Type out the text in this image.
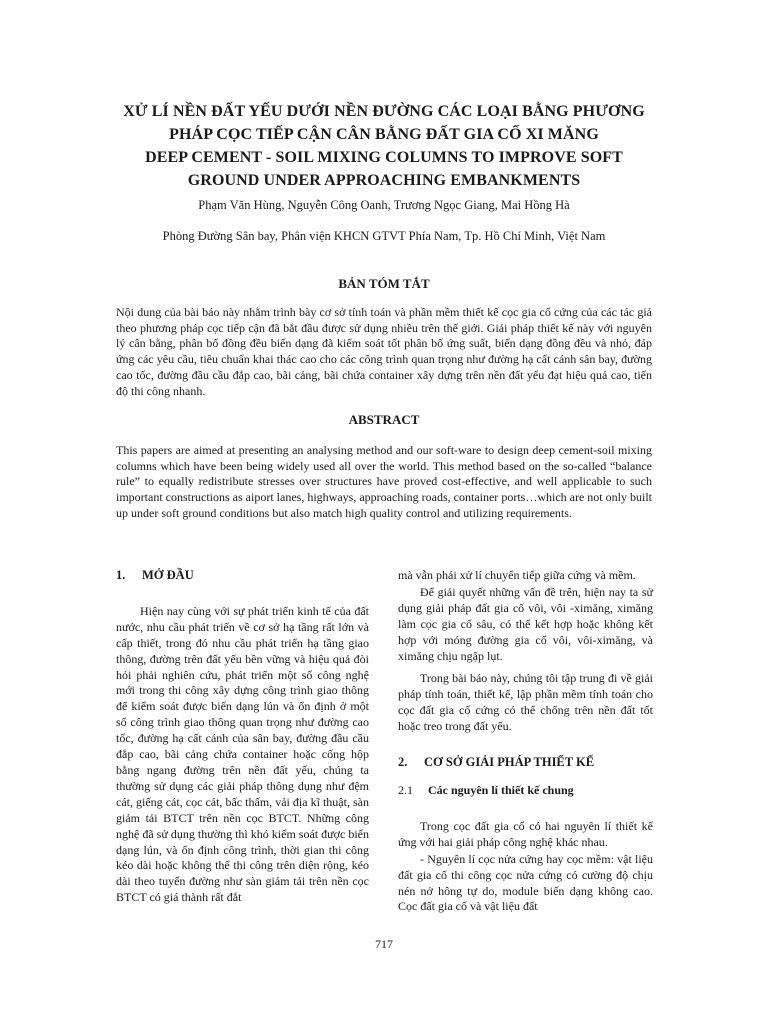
XỬ LÍ NỀN ĐẤT YẾU DƯỚI NỀN ĐƯỜNG CÁC LOẠI BẰNG PHƯƠNG
PHÁP CỌC TIẾP CẬN CÂN BẰNG ĐẤT GIA CỐ XI MĂNG
DEEP CEMENT - SOIL MIXING COLUMNS TO IMPROVE SOFT
GROUND UNDER APPROACHING EMBANKMENTS
Phạm Văn Hùng, Nguyễn Công Oanh, Trương Ngọc Giang, Mai Hồng Hà
Phòng Đường Sân bay, Phân viện KHCN GTVT Phía Nam, Tp. Hồ Chí Minh, Việt Nam
BẢN TÓM TẮT
Nội dung của bài báo này nhằm trình bày cơ sở tính toán và phần mềm thiết kế cọc gia cố cứng của các tác giả theo phương pháp cọc tiếp cận đã bắt đầu được sử dụng nhiều trên thế giới. Giải pháp thiết kế này với nguyên lý cân bằng, phân bố đồng đều biến dạng đã kiểm soát tốt phân bố ứng suất, biến dạng đồng đều và nhỏ, đáp ứng các yêu cầu, tiêu chuẩn khai thác cao cho các công trình quan trọng như đường hạ cất cánh sân bay, đường cao tốc, đường đầu cầu đắp cao, bãi cảng, bãi chứa container xây dựng trên nền đất yếu đạt hiệu quả cao, tiến độ thi công nhanh.
ABSTRACT
This papers are aimed at presenting an analysing method and our soft-ware to design deep cement-soil mixing columns which have been being widely used all over the world. This method based on the so-called “balance rule” to equally redistribute stresses over structures have proved cost-effective, and well applicable to such important constructions as aiport lanes, highways, approaching roads, container ports…which are not only built up under soft ground conditions but also match high quality control and utilizing requirements.
1. MỞ ĐẦU
Hiện nay cùng với sự phát triển kinh tế của đất nước, nhu cầu phát triển về cơ sở hạ tầng rất lớn và cấp thiết, trong đó nhu cầu phát triển hạ tầng giao thông, đường trên đất yếu bền vững và hiệu quả đòi hỏi phải nghiên cứu, phát triển một số công nghệ mới trong thi công xây dựng công trình giao thông để kiểm soát được biến dạng lún và ổn định ở một số công trình giao thông quan trọng như đường cao tốc, đường hạ cất cánh của sân bay, đường đầu cầu đắp cao, bãi cảng chứa container hoặc cống hộp bằng ngang đường trên nền đất yếu, chúng ta thường sử dụng các giải pháp thông dụng như đệm cát, giếng cát, cọc cát, bấc thấm, vải địa kĩ thuật, sàn giảm tải BTCT trên nền cọc BTCT. Những công nghệ đã sử dụng thường thì khó kiểm soát được biến dạng lún, và ổn định công trình, thời gian thi công kéo dài hoặc không thể thi công trên diện rộng, kéo dài theo tuyến đường như sàn giảm tải trên nền cọc BTCT có giá thành rất đắt
mà vẫn phải xử lí chuyển tiếp giữa cứng và mềm.
Để giải quyết những vấn đề trên, hiện nay ta sử dụng giải pháp đất gia cố vôi, vôi -ximăng, ximăng làm cọc gia cố sâu, có thể kết hợp hoặc không kết hợp với móng đường gia cố vôi, vôi-ximăng, và ximăng chịu ngập lụt.
Trong bài báo này, chúng tôi tập trung đi về giải pháp tính toán, thiết kế, lập phần mềm tính toán cho cọc đất gia cố cứng có thể chống trên nền đất tốt hoặc treo trong đất yếu.
2. CƠ SỞ GIẢI PHÁP THIẾT KẾ
2.1 Các nguyên lí thiết kế chung
Trong cọc đất gia cố có hai nguyên lí thiết kế ứng với hai giải pháp công nghệ khác nhau.
- Nguyên lí cọc nửa cứng hay cọc mềm: vật liệu đất gia cố thi công cọc nửa cứng có cường độ chịu nén nở hông tự do, module biến dạng không cao. Cọc đất gia cố và vật liệu đất
717
